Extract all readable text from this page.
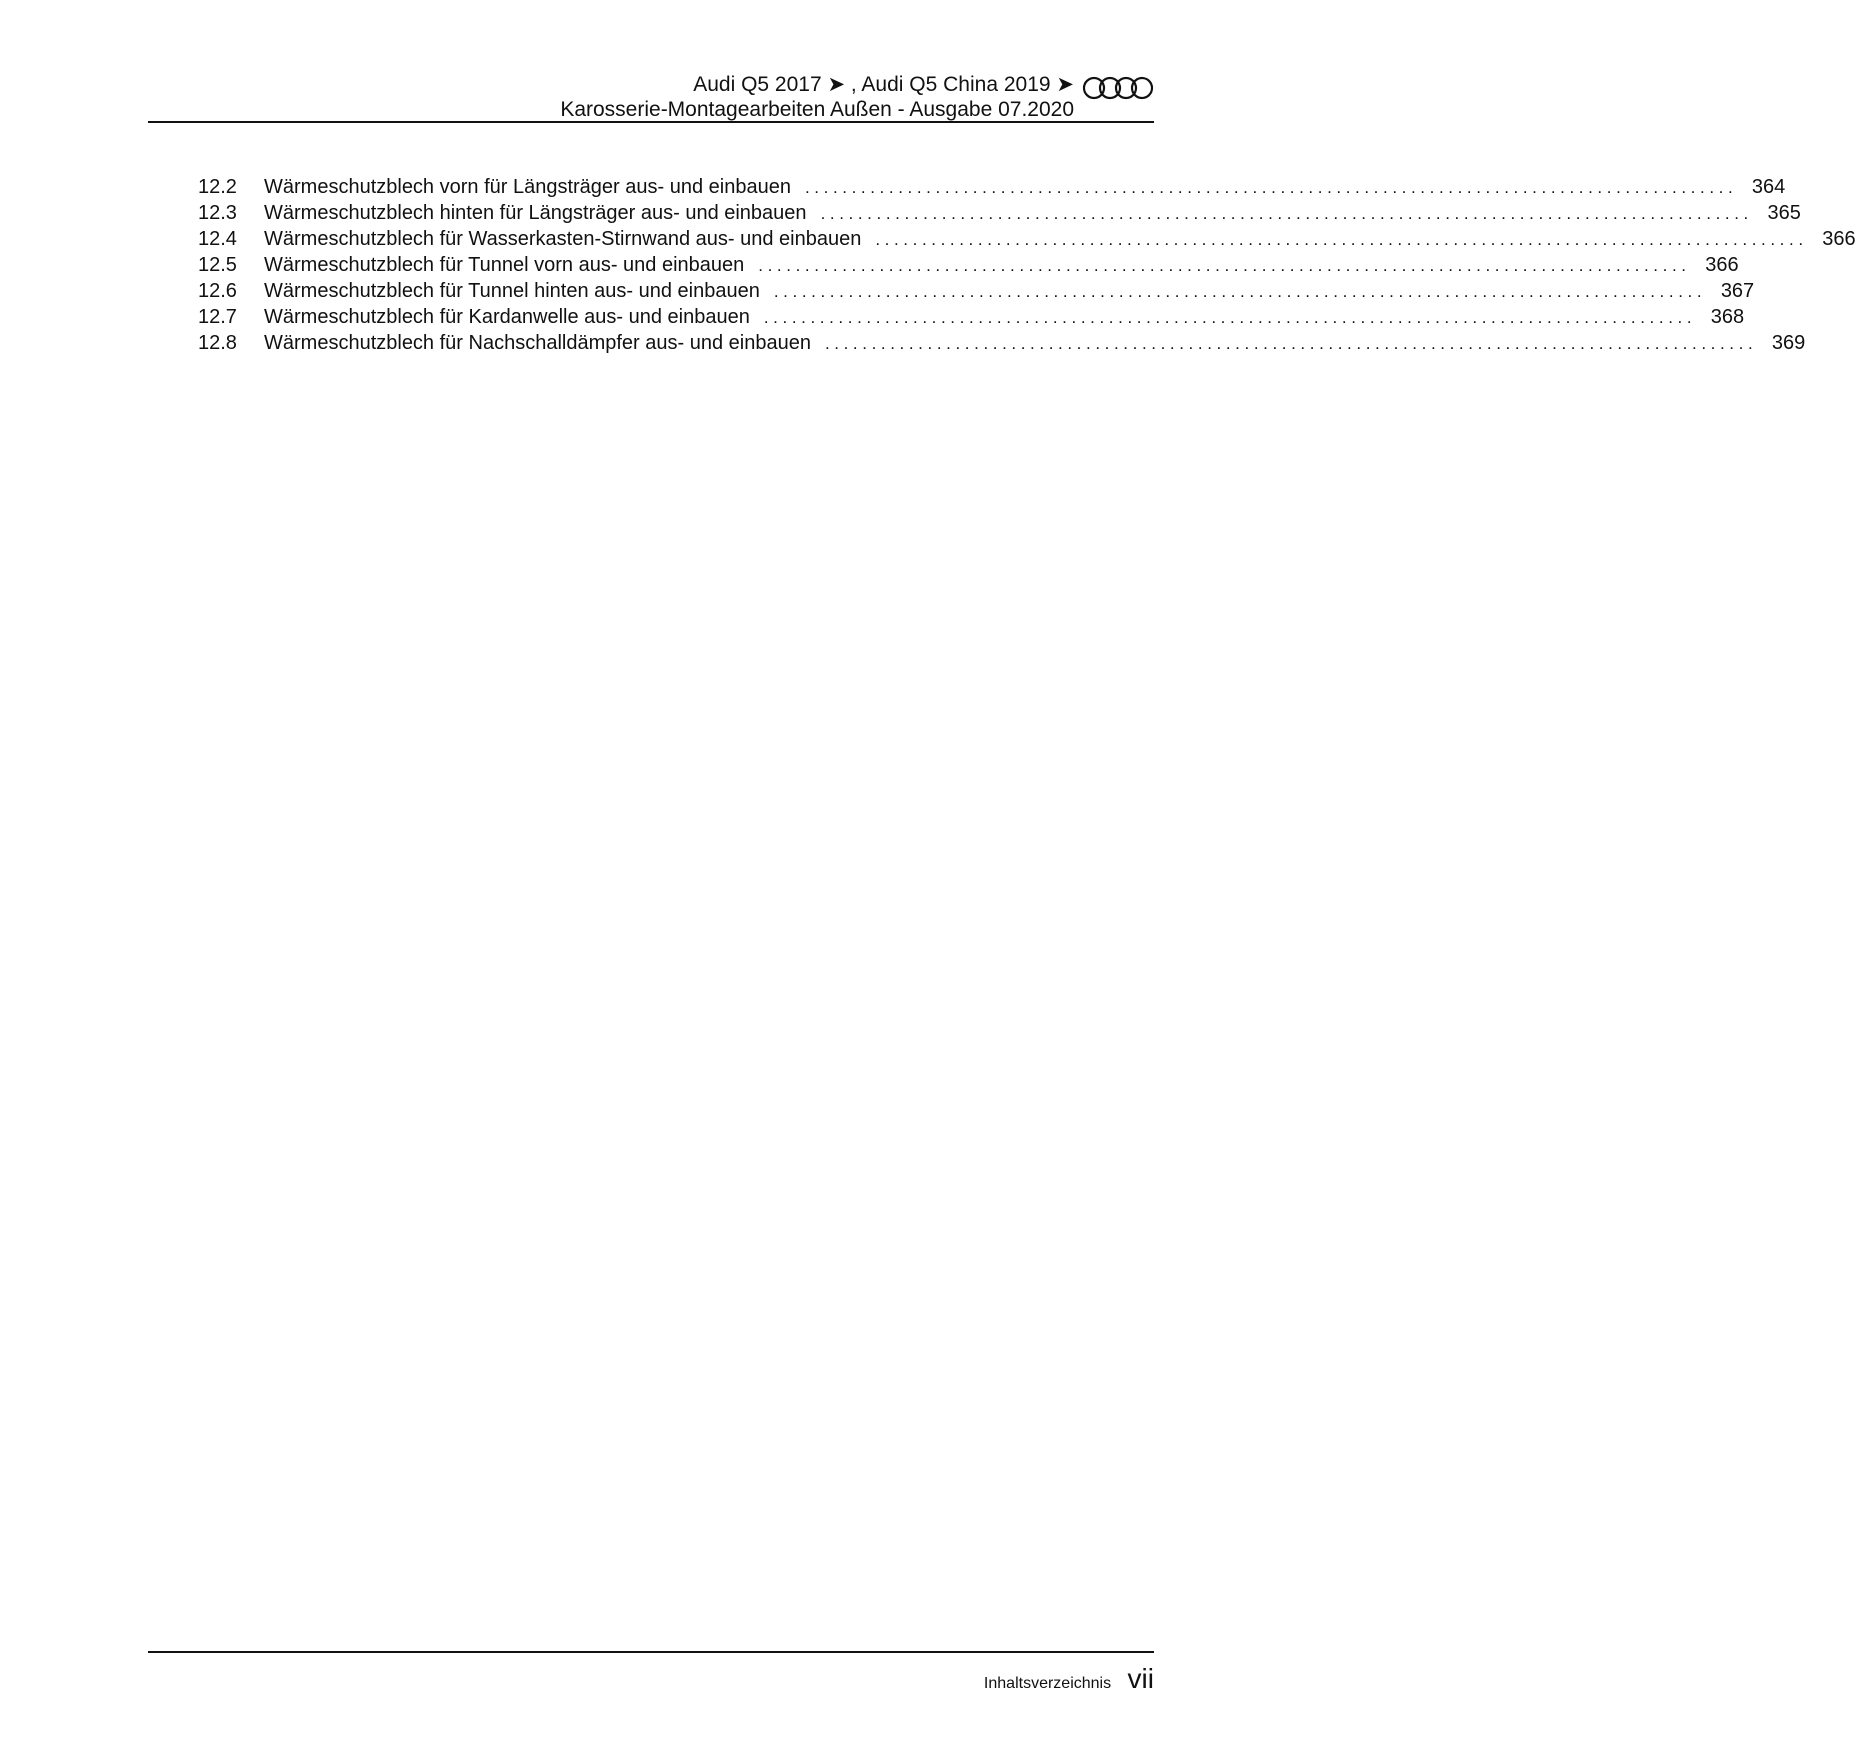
Audi Q5 2017 ➤ , Audi Q5 China 2019 ➤
Karosserie-Montagearbeiten Außen - Ausgabe 07.2020
12.2 Wärmeschutzblech vorn für Längsträger aus- und einbauen .................................................................................................... 364
12.3 Wärmeschutzblech hinten für Längsträger aus- und einbauen .................................................................................................... 365
12.4 Wärmeschutzblech für Wasserkasten-Stirnwand aus- und einbauen .................................................................................................... 366
12.5 Wärmeschutzblech für Tunnel vorn aus- und einbauen .................................................................................................... 366
12.6 Wärmeschutzblech für Tunnel hinten aus- und einbauen .................................................................................................... 367
12.7 Wärmeschutzblech für Kardanwelle aus- und einbauen .................................................................................................... 368
12.8 Wärmeschutzblech für Nachschalldämpfer aus- und einbauen .................................................................................................... 369
Inhaltsverzeichnis vii
